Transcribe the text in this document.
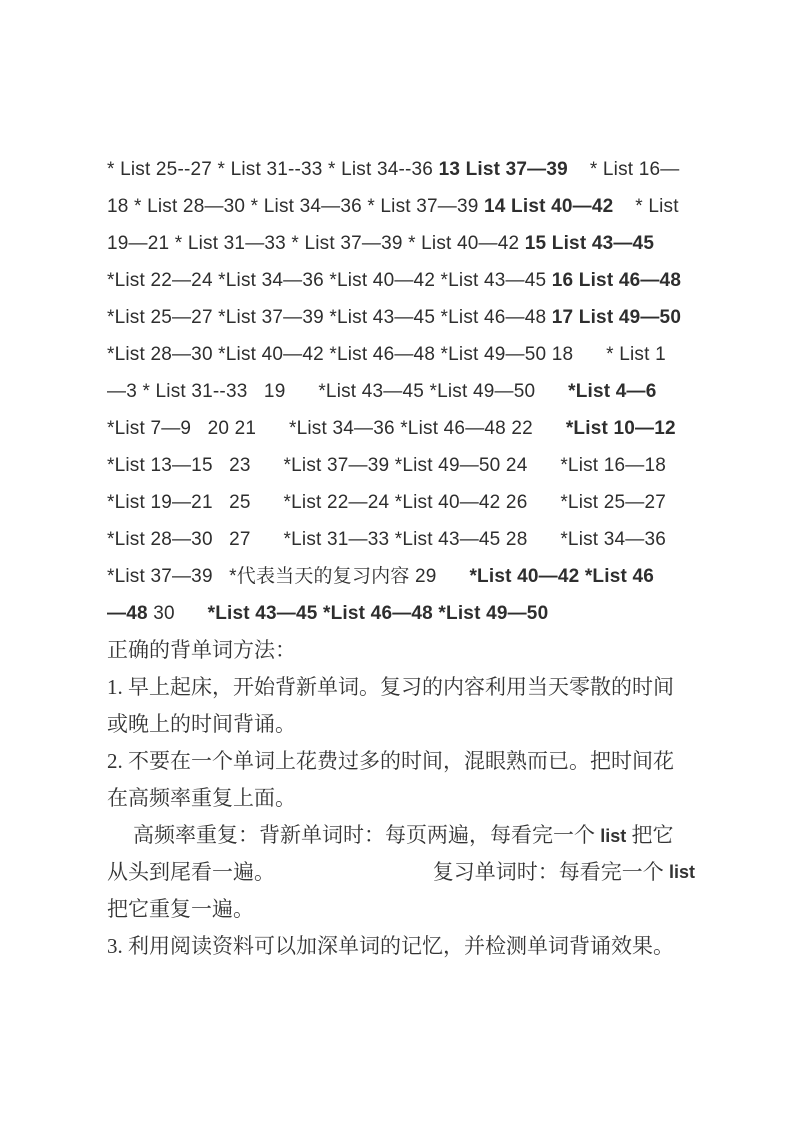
* List 25--27 * List 31--33 * List 34--36 13 List 37—39    * List 16—
18 * List 28—30 * List 34—36 * List 37—39 14 List 40—42    * List
19—21 * List 31—33 * List 37—39 * List 40—42 15 List 43—45
*List 22—24 *List 34—36 *List 40—42 *List 43—45 16 List 46—48
*List 25—27 *List 37—39 *List 43—45 *List 46—48 17 List 49—50
*List 28—30 *List 40—42 *List 46—48 *List 49—50 18      * List 1
—3 * List 31--33   19      *List 43—45 *List 49—50      *List 4—6
*List 7—9   20 21      *List 34—36 *List 46—48 22      *List 10—12
*List 13—15   23      *List 37—39 *List 49—50 24      *List 16—18
*List 19—21   25      *List 22—24 *List 40—42 26      *List 25—27
*List 28—30   27      *List 31—33 *List 43—45 28      *List 34—36
*List 37—39   *代表当天的复习内容 29      *List 40—42 *List 46
—48 30      *List 43—45 *List 46—48 *List 49—50
正确的背单词方法：
1. 早上起床，开始背新单词。复习的内容利用当天零散的时间
或晚上的时间背诵。
2. 不要在一个单词上花费过多的时间，混眼熟而已。把时间花
在高频率重复上面。
高频率重复：背新单词时：每页两遍，每看完一个 list 把它
从头到尾看一遍。	复习单词时：每看完一个 list
把它重复一遍。
3. 利用阅读资料可以加深单词的记忆，并检测单词背诵效果。
